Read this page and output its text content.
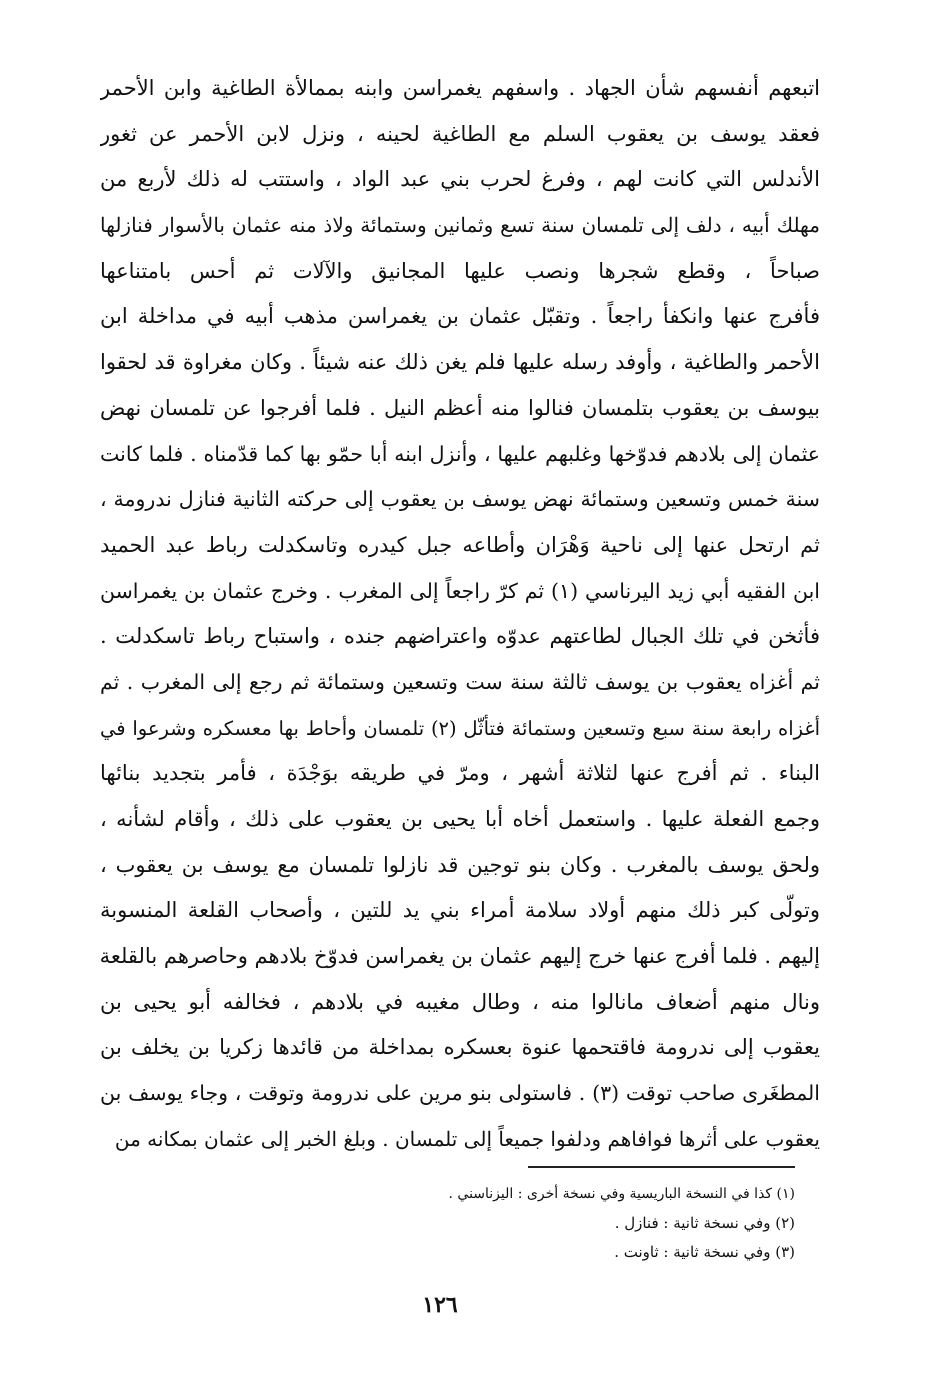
اتبعهم أنفسهم شأن الجهاد . واسفهم يغمراسن وابنه بممالأة الطاغية وابن الأحمر
فعقد يوسف بن يعقوب السلم مع الطاغية لحينه ، ونزل لابن الأحمر عن ثغور
الأندلس التي كانت لهم ، وفرغ لحرب بني عبد الواد ، واستتب له ذلك لأربع من
مهلك أبيه ، دلف إلى تلمسان سنة تسع وثمانين وستمائة ولاذ منه عثمان بالأسوار فنازلها
صباحاً ، وقطع شجرها ونصب عليها المجانيق والآلات ثم أحس بامتناعها
فأفرج عنها وانكفأ راجعاً . وتقبّل عثمان بن يغمراسن مذهب أبيه في مداخلة ابن
الأحمر والطاغية ، وأوفد رسله عليها فلم يغن ذلك عنه شيئاً . وكان مغراوة قد لحقوا
بيوسف بن يعقوب بتلمسان فنالوا منه أعظم النيل . فلما أفرجوا عن تلمسان نهض
عثمان إلى بلادهم فدوّخها وغلبهم عليها ، وأنزل ابنه أبا حمّو بها كما قدّمناه . فلما كانت
سنة خمس وتسعين وستمائة نهض يوسف بن يعقوب إلى حركته الثانية فنازل ندرومة ،
ثم ارتحل عنها إلى ناحية وَهْرَان وأطاعه جبل كيدره وتاسكدلت رباط عبد الحميد
ابن الفقيه أبي زيد اليرناسي (١) ثم كرّ راجعاً إلى المغرب . وخرج عثمان بن يغمراسن
فأثخن في تلك الجبال لطاعتهم عدوّه واعتراضهم جنده ، واستباح رباط تاسكدلت .
ثم أغزاه يعقوب بن يوسف ثالثة سنة ست وتسعين وستمائة ثم رجع إلى المغرب . ثم
أغزاه رابعة سنة سبع وتسعين وستمائة فتأثّل (٢) تلمسان وأحاط بها معسكره وشرعوا في
البناء . ثم أفرج عنها لثلاثة أشهر ، ومرّ في طريقه بوَجْدَة ، فأمر بتجديد بنائها
وجمع الفعلة عليها . واستعمل أخاه أبا يحيى بن يعقوب على ذلك ، وأقام لشأنه ،
ولحق يوسف بالمغرب . وكان بنو توجين قد نازلوا تلمسان مع يوسف بن يعقوب ،
وتولّى كبر ذلك منهم أولاد سلامة أمراء بني يد للتين ، وأصحاب القلعة المنسوبة
إليهم . فلما أفرج عنها خرج إليهم عثمان بن يغمراسن فدوّخ بلادهم وحاصرهم بالقلعة
ونال منهم أضعاف مانالوا منه ، وطال مغيبه في بلادهم ، فخالفه أبو يحيى بن
يعقوب إلى ندرومة فاقتحمها عنوة بعسكره بمداخلة من قائدها زكريا بن يخلف بن
المطغَرى صاحب توقت (٣) . فاستولى بنو مرين على ندرومة وتوقت ، وجاء يوسف بن
يعقوب على أثرها فوافاهم ودلفوا جميعاً إلى تلمسان . وبلغ الخبر إلى عثمان بمكانه من
(١) كذا في النسخة الباريسية وفي نسخة أخرى : اليزناسني .
(٢) وفي نسخة ثانية : فنازل .
(٣) وفي نسخة ثانية : ثاونت .
١٢٦
